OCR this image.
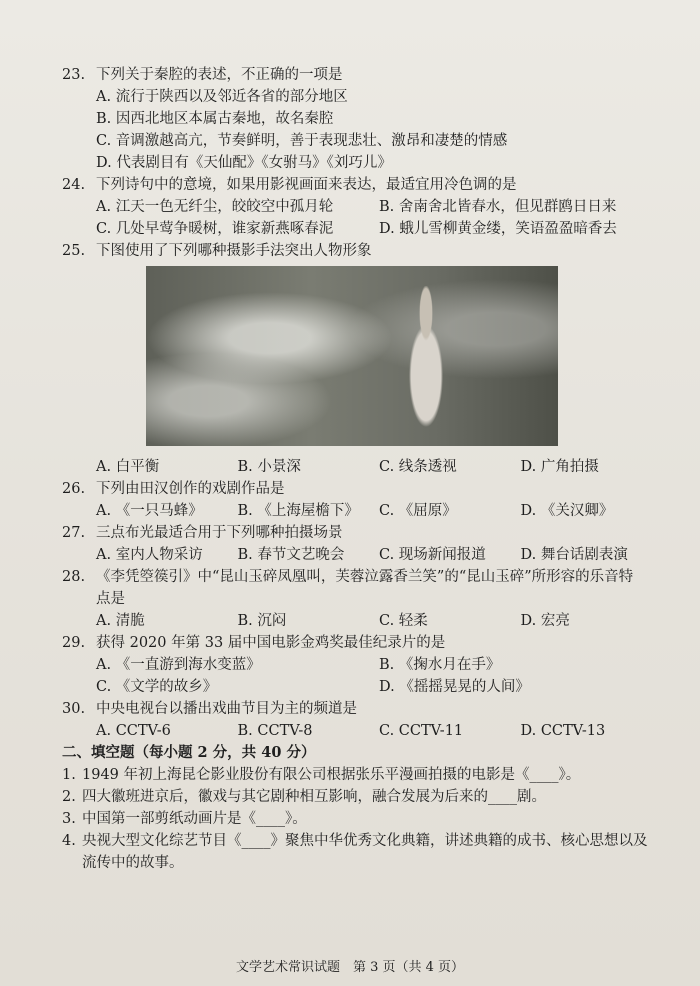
23. 下列关于秦腔的表述，不正确的一项是
A. 流行于陕西以及邻近各省的部分地区
B. 因西北地区本属古秦地，故名秦腔
C. 音调激越高亢，节奏鲜明，善于表现悲壮、激昂和凄楚的情感
D. 代表剧目有《天仙配》《女驸马》《刘巧儿》
24. 下列诗句中的意境，如果用影视画面来表达，最适宜用冷色调的是
A. 江天一色无纤尘，皎皎空中孤月轮	B. 舍南舍北皆春水，但见群鸥日日来
C. 几处早莺争暖树，谁家新燕啄春泥	D. 蛾儿雪柳黄金缕，笑语盈盈暗香去
25. 下图使用了下列哪种摄影手法突出人物形象
A. 白平衡	B. 小景深	C. 线条透视	D. 广角拍摄
26. 下列由田汉创作的戏剧作品是
A. 《一只马蜂》	B. 《上海屋檐下》	C. 《屈原》	D. 《关汉卿》
27. 三点布光最适合用于下列哪种拍摄场景
A. 室内人物采访	B. 春节文艺晚会	C. 现场新闻报道	D. 舞台话剧表演
28. 《李凭箜篌引》中“昆山玉碎凤凰叫，芙蓉泣露香兰笑”的“昆山玉碎”所形容的乐音特
点是
A. 清脆	B. 沉闷	C. 轻柔	D. 宏亮
29. 获得 2020 年第 33 届中国电影金鸡奖最佳纪录片的是
A. 《一直游到海水变蓝》	B. 《掬水月在手》
C. 《文学的故乡》	D. 《摇摇晃晃的人间》
30. 中央电视台以播出戏曲节目为主的频道是
A. CCTV-6	B. CCTV-8	C. CCTV-11	D. CCTV-13
二、填空题（每小题 2 分，共 40 分）
1. 1949 年初上海昆仑影业股份有限公司根据张乐平漫画拍摄的电影是《____》。
2. 四大徽班进京后，徽戏与其它剧种相互影响，融合发展为后来的____剧。
3. 中国第一部剪纸动画片是《____》。
4. 央视大型文化综艺节目《____》聚焦中华优秀文化典籍，讲述典籍的成书、核心思想以及
流传中的故事。
文学艺术常识试题　第 3 页（共 4 页）
